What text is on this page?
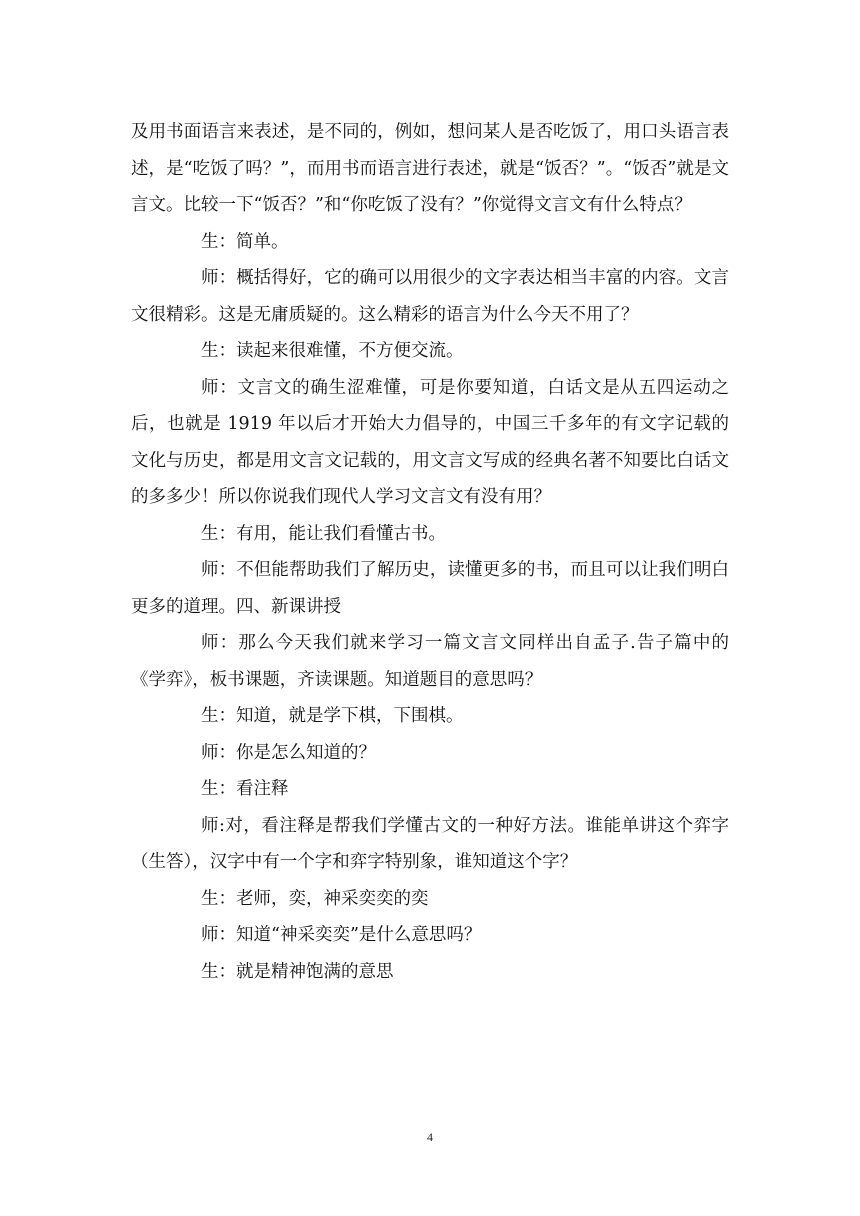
及用书面语言来表述，是不同的，例如，想问某人是否吃饭了，用口头语言表述，是“吃饭了吗？”，而用书而语言进行表述，就是“饭否？”。“饭否”就是文言文。比较一下“饭否？”和“你吃饭了没有？”你觉得文言文有什么特点？

生：简单。

师：概括得好，它的确可以用很少的文字表达相当丰富的内容。文言文很精彩。这是无庸质疑的。这么精彩的语言为什么今天不用了？

生：读起来很难懂，不方便交流。

师：文言文的确生涩难懂，可是你要知道，白话文是从五四运动之后，也就是 1919 年以后才开始大力倡导的，中国三千多年的有文字记载的文化与历史，都是用文言文记载的，用文言文写成的经典名著不知要比白话文的多多少！所以你说我们现代人学习文言文有没有用？

生：有用，能让我们看懂古书。

师：不但能帮助我们了解历史，读懂更多的书，而且可以让我们明白更多的道理。四、新课讲授

师：那么今天我们就来学习一篇文言文同样出自孟子.告子篇中的《学弈》，板书课题，齐读课题。知道题目的意思吗？

生：知道，就是学下棋，下围棋。

师：你是怎么知道的？

生：看注释

师:对，看注释是帮我们学懂古文的一种好方法。谁能单讲这个弈字（生答），汉字中有一个字和弈字特别象，谁知道这个字？

生：老师，奕，神采奕奕的奕

师：知道“神采奕奕”是什么意思吗？

生：就是精神饱满的意思

4
